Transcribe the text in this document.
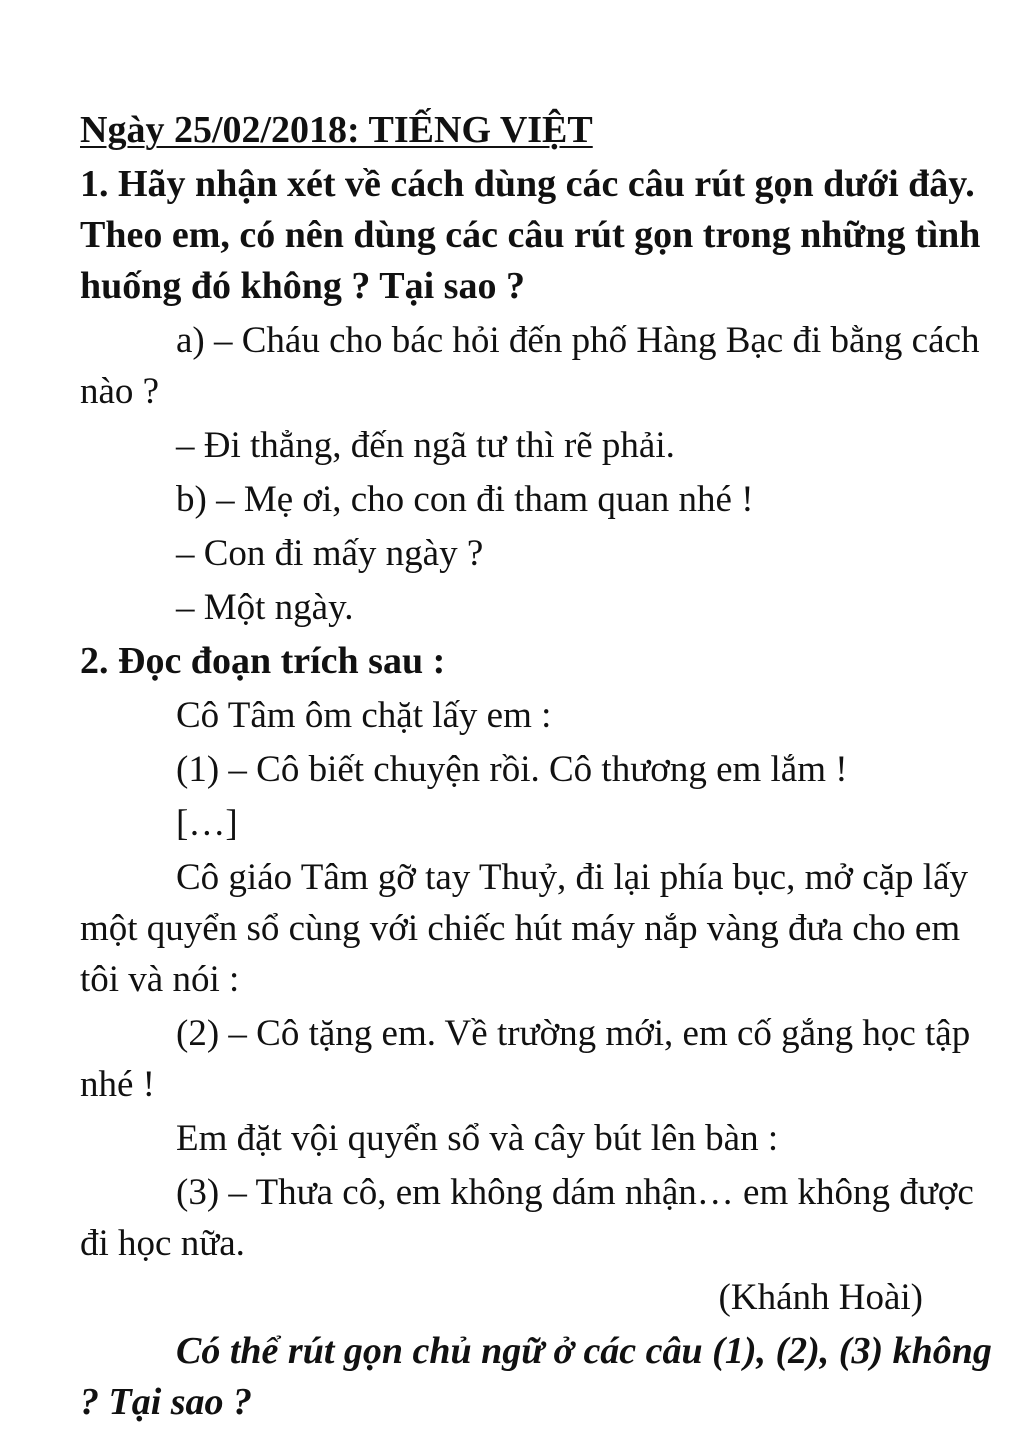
Ngày 25/02/2018: TIẾNG VIỆT

1. Hãy nhận xét về cách dùng các câu rút gọn dưới đây. Theo em, có nên dùng các câu rút gọn trong những tình huống đó không ? Tại sao ?

a) – Cháu cho bác hỏi đến phố Hàng Bạc đi bằng cách nào ?

– Đi thẳng, đến ngã tư thì rẽ phải.

b) – Mẹ ơi, cho con đi tham quan nhé !

– Con đi mấy ngày ?

– Một ngày.

2. Đọc đoạn trích sau :

Cô Tâm ôm chặt lấy em :

(1) – Cô biết chuyện rồi. Cô thương em lắm !

[…]

Cô giáo Tâm gỡ tay Thuỷ, đi lại phía bục, mở cặp lấy một quyển sổ cùng với chiếc hút máy nắp vàng đưa cho em tôi và nói :

(2) – Cô tặng em. Về trường mới, em cố gắng học tập nhé !

Em đặt vội quyển sổ và cây bút lên bàn :

(3) – Thưa cô, em không dám nhận… em không được đi học nữa.

(Khánh Hoài)

Có thể rút gọn chủ ngữ ở các câu (1), (2), (3) không ? Tại sao ?
